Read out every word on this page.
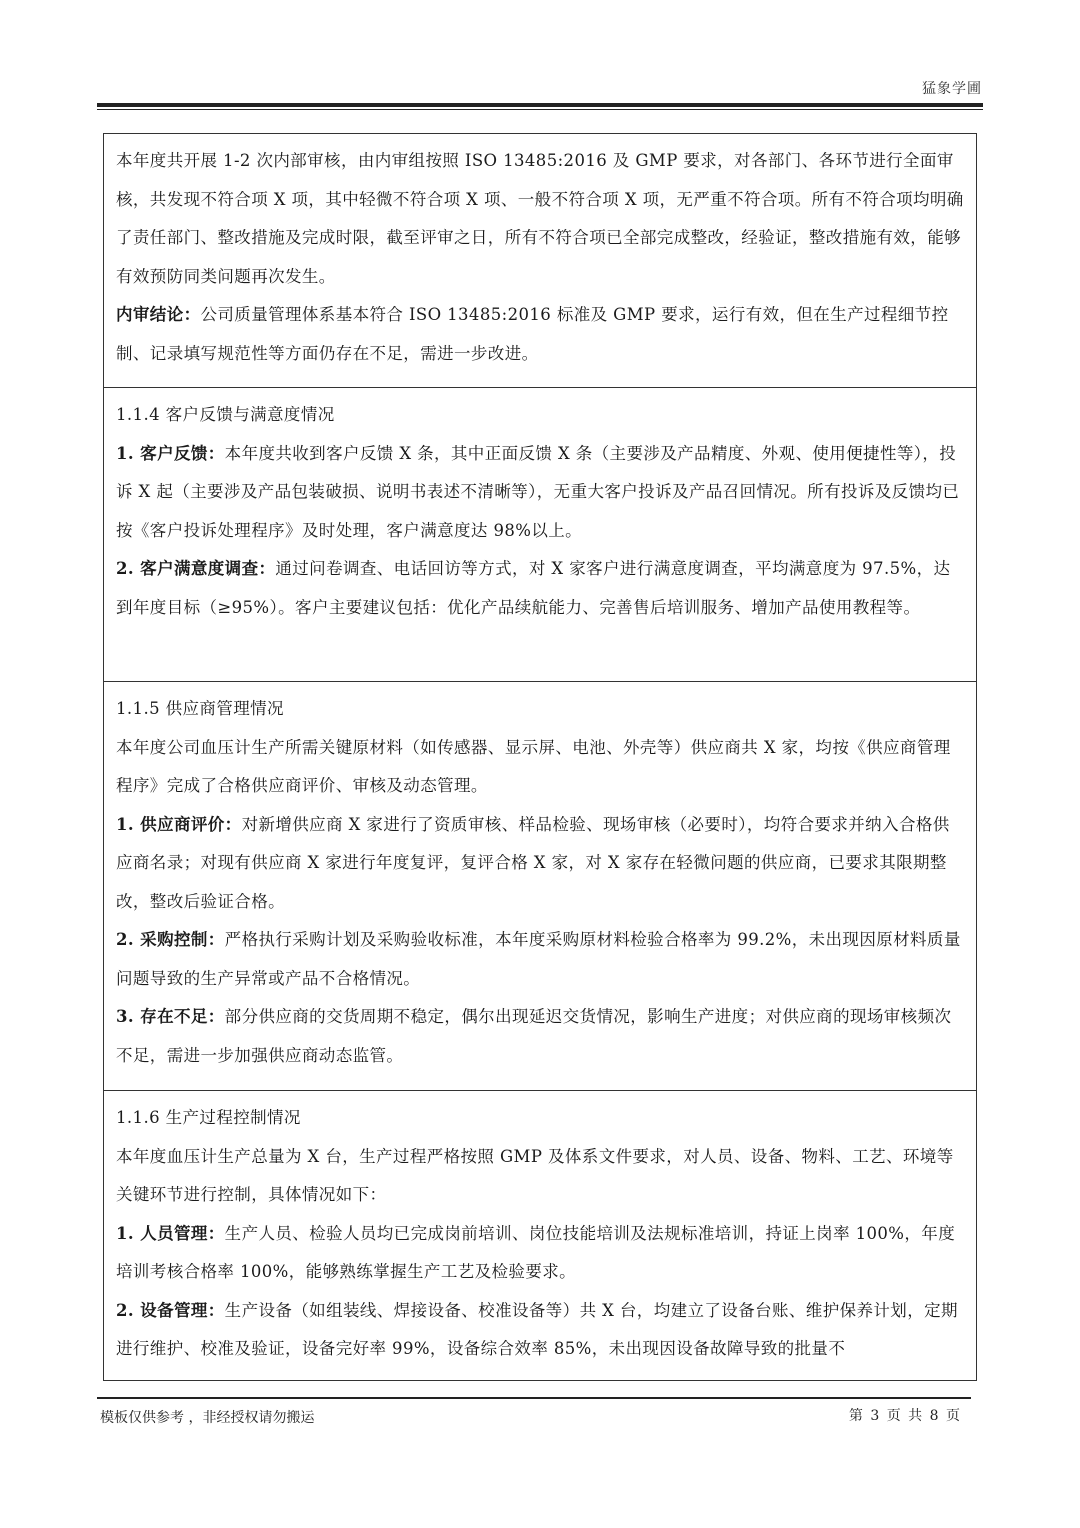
猛象学圃

本年度共开展 1-2 次内部审核，由内审组按照 ISO 13485:2016 及 GMP 要求，对各部门、各环节进行全面审核，共发现不符合项 X 项，其中轻微不符合项 X 项、一般不符合项 X 项，无严重不符合项。所有不符合项均明确了责任部门、整改措施及完成时限，截至评审之日，所有不符合项已全部完成整改，经验证，整改措施有效，能够有效预防同类问题再次发生。

内审结论：公司质量管理体系基本符合 ISO 13485:2016 标准及 GMP 要求，运行有效，但在生产过程细节控制、记录填写规范性等方面仍存在不足，需进一步改进。

1.1.4 客户反馈与满意度情况

1. 客户反馈：本年度共收到客户反馈 X 条，其中正面反馈 X 条（主要涉及产品精度、外观、使用便捷性等），投诉 X 起（主要涉及产品包装破损、说明书表述不清晰等），无重大客户投诉及产品召回情况。所有投诉及反馈均已按《客户投诉处理程序》及时处理，客户满意度达 98%以上。

2. 客户满意度调查：通过问卷调查、电话回访等方式，对 X 家客户进行满意度调查，平均满意度为 97.5%，达到年度目标（≥95%）。客户主要建议包括：优化产品续航能力、完善售后培训服务、增加产品使用教程等。

1.1.5 供应商管理情况

本年度公司血压计生产所需关键原材料（如传感器、显示屏、电池、外壳等）供应商共 X 家，均按《供应商管理程序》完成了合格供应商评价、审核及动态管理。

1. 供应商评价：对新增供应商 X 家进行了资质审核、样品检验、现场审核（必要时），均符合要求并纳入合格供应商名录；对现有供应商 X 家进行年度复评，复评合格 X 家，对 X 家存在轻微问题的供应商，已要求其限期整改，整改后验证合格。

2. 采购控制：严格执行采购计划及采购验收标准，本年度采购原材料检验合格率为 99.2%，未出现因原材料质量问题导致的生产异常或产品不合格情况。

3. 存在不足：部分供应商的交货周期不稳定，偶尔出现延迟交货情况，影响生产进度；对供应商的现场审核频次不足，需进一步加强供应商动态监管。

1.1.6 生产过程控制情况

本年度血压计生产总量为 X 台，生产过程严格按照 GMP 及体系文件要求，对人员、设备、物料、工艺、环境等关键环节进行控制，具体情况如下：

1. 人员管理：生产人员、检验人员均已完成岗前培训、岗位技能培训及法规标准培训，持证上岗率 100%，年度培训考核合格率 100%，能够熟练掌握生产工艺及检验要求。

2. 设备管理：生产设备（如组装线、焊接设备、校准设备等）共 X 台，均建立了设备台账、维护保养计划，定期进行维护、校准及验证，设备完好率 99%，设备综合效率 85%，未出现因设备故障导致的批量不

模板仅供参考 ，非经授权请勿搬运	第 3 页 共 8 页
